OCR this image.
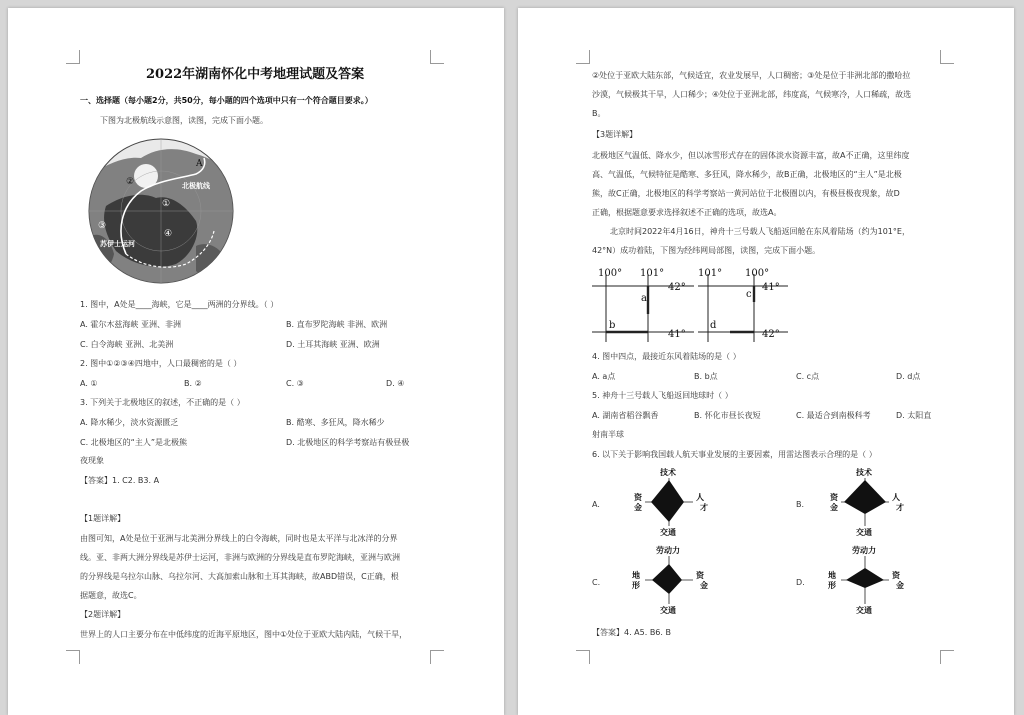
2022年湖南怀化中考地理试题及答案
一、选择题（每小题2分，共50分，每小题的四个选项中只有一个符合题目要求。）
下图为北极航线示意图，读图，完成下面小题。
A
北极航线
①
②
③
④
苏伊士运河
1. 图中，A处是____海峡，它是____两洲的分界线。（ ）
A. 霍尔木兹海峡 亚洲、非洲	B. 直布罗陀海峡 非洲、欧洲
C. 白令海峡 亚洲、北美洲	D. 土耳其海峡 亚洲、欧洲
2. 图中①②③④四地中，人口最稠密的是（ ）
A. ①	B. ②	C. ③	D. ④
3. 下列关于北极地区的叙述，不正确的是（ ）
A. 降水稀少，淡水资源匮乏	B. 酷寒、多狂风，降水稀少
C. 北极地区的“主人”是北极熊	D. 北极地区的科学考察站有极昼极
夜现象
【答案】1. C2. B3. A
【1题详解】
由图可知，A处是位于亚洲与北美洲分界线上的白令海峡，同时也是太平洋与北冰洋的分界
线。亚、非两大洲分界线是苏伊士运河，非洲与欧洲的分界线是直布罗陀海峡，亚洲与欧洲
的分界线是乌拉尔山脉、乌拉尔河、大高加索山脉和土耳其海峡，故ABD错误，C正确，根
据题意，故选C。
【2题详解】
世界上的人口主要分布在中低纬度的近海平原地区，图中①处位于亚欧大陆内陆，气候干旱，
②处位于亚欧大陆东部，气候适宜，农业发展早，人口稠密；③处是位于非洲北部的撒哈拉
沙漠，气候极其干旱，人口稀少；④处位于亚洲北部，纬度高，气候寒冷，人口稀疏，故选
B。
【3题详解】
北极地区气温低、降水少，但以冰雪形式存在的固体淡水资源丰富，故A不正确，这里纬度
高、气温低，气候特征是酷寒、多狂风，降水稀少，故B正确，北极地区的“主人”是北极
熊，故C正确，北极地区的科学考察站一黄河站位于北极圈以内，有极昼极夜现象，故D
正确，根据题意要求选择叙述不正确的选项，故选A。
北京时间2022年4月16日，神舟十三号载人飞船返回舱在东风着陆场（约为101°E，
42°N）成功着陆，下图为经纬网局部图，读图，完成下面小题。
100° 101°
42°
41°
a
b
101° 100°
41°
42°
c
d
4. 图中四点，最接近东风着陆场的是（ ）
A. a点	B. b点	C. c点	D. d点
5. 神舟十三号载人飞船返回地球时（ ）
A. 湖南省稻谷飘香	B. 怀化市昼长夜短	C. 最适合到南极科考	D. 太阳直
射南半球
6. 以下关于影响我国载人航天事业发展的主要因素，用雷达图表示合理的是（ ）
A.
技术
资
金
人
才
交通
B.
技术
资
金
人
才
交通
C.
劳动力
地
形
资
金
交通
D.
劳动力
地
形
资
金
交通
【答案】4. A5. B6. B
